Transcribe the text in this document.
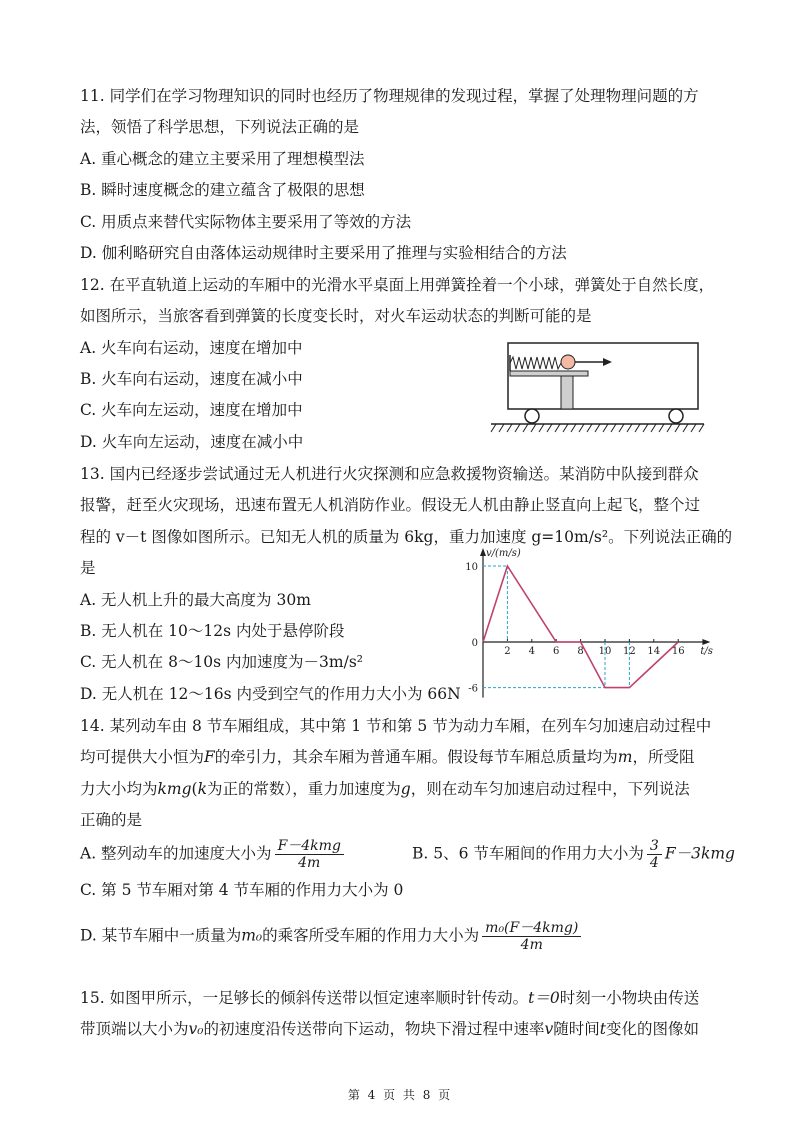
11. 同学们在学习物理知识的同时也经历了物理规律的发现过程，掌握了处理物理问题的方
法，领悟了科学思想，下列说法正确的是
A. 重心概念的建立主要采用了理想模型法
B. 瞬时速度概念的建立蕴含了极限的思想
C. 用质点来替代实际物体主要采用了等效的方法
D. 伽利略研究自由落体运动规律时主要采用了推理与实验相结合的方法
12. 在平直轨道上运动的车厢中的光滑水平桌面上用弹簧拴着一个小球，弹簧处于自然长度，
如图所示，当旅客看到弹簧的长度变长时，对火车运动状态的判断可能的是
A. 火车向右运动，速度在增加中
B. 火车向右运动，速度在减小中
C. 火车向左运动，速度在增加中
D. 火车向左运动，速度在减小中
13. 国内已经逐步尝试通过无人机进行火灾探测和应急救援物资输送。某消防中队接到群众
报警，赶至火灾现场，迅速布置无人机消防作业。假设无人机由静止竖直向上起飞，整个过
程的 v－t 图像如图所示。已知无人机的质量为 6kg，重力加速度 g=10m/s²。下列说法正确的
是
A. 无人机上升的最大高度为 30m
B. 无人机在 10～12s 内处于悬停阶段
C. 无人机在 8～10s 内加速度为－3m/s²
D. 无人机在 12～16s 内受到空气的作用力大小为 66N
v/(m/s)
t/s
2 4 6 8 10 12 14 16
10
0
-6
14. 某列动车由 8 节车厢组成，其中第 1 节和第 5 节为动力车厢，在列车匀加速启动过程中
均可提供大小恒为F的牵引力，其余车厢为普通车厢。假设每节车厢总质量均为m，所受阻
力大小均为kmg(k为正的常数），重力加速度为g，则在动车匀加速启动过程中，下列说法
正确的是
A. 整列动车的加速度大小为 $\frac{\text{F－4kmg}}{4m}$	B. 5、6 节车厢间的作用力大小为 $\frac{3}{4} F-3kmg$
C. 第 5 节车厢对第 4 节车厢的作用力大小为 0
D. 某节车厢中一质量为m₀的乘客所受车厢的作用力大小为 $\frac{\text{m₀(F－4kmg)}}{4m}$
15. 如图甲所示，一足够长的倾斜传送带以恒定速率顺时针传动。t＝0时刻一小物块由传送
带顶端以大小为v₀的初速度沿传送带向下运动，物块下滑过程中速率v随时间t变化的图像如
第 4 页 共 8 页
